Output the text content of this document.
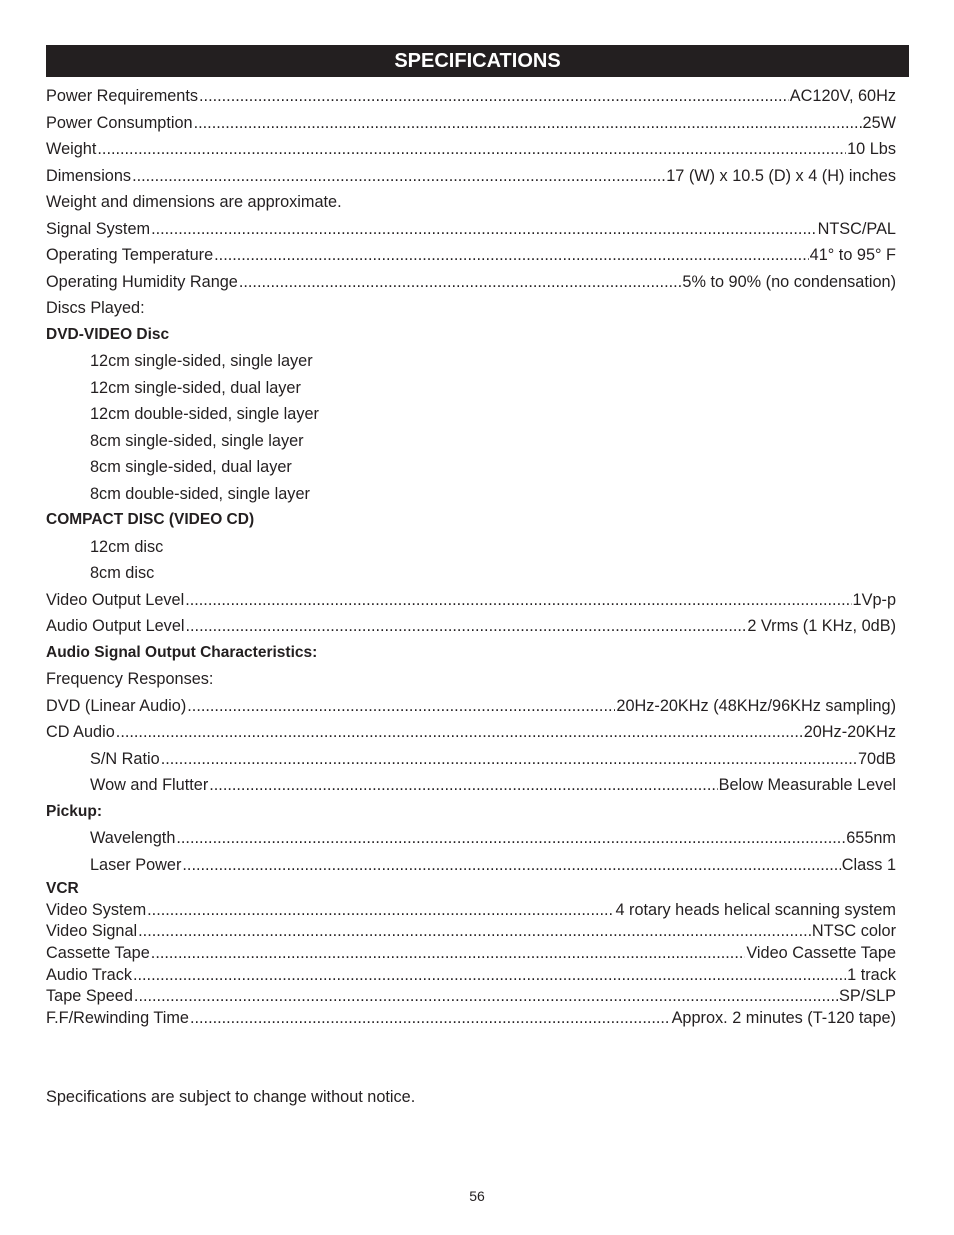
SPECIFICATIONS
Power Requirements .....	AC120V, 60Hz
Power Consumption .....	25W
Weight .....	10 Lbs
Dimensions .....	17 (W) x 10.5 (D) x 4 (H) inches
Weight and dimensions are approximate.
Signal System .....	NTSC/PAL
Operating Temperature .....	41° to 95° F
Operating Humidity Range .....	5% to 90% (no condensation)
Discs Played:
DVD-VIDEO Disc
12cm single-sided, single layer
12cm single-sided, dual layer
12cm double-sided, single layer
8cm single-sided, single layer
8cm single-sided, dual layer
8cm double-sided, single layer
COMPACT DISC (VIDEO CD)
12cm disc
8cm disc
Video Output Level .....	1Vp-p
Audio Output Level .....	2 Vrms (1 KHz, 0dB)
Audio Signal Output Characteristics:
Frequency Responses:
DVD (Linear Audio) .....	20Hz-20KHz (48KHz/96KHz sampling)
CD Audio .....	20Hz-20KHz
S/N Ratio .....	70dB
Wow and Flutter .....	Below Measurable Level
Pickup:
Wavelength .....	655nm
Laser Power .....	Class 1
VCR
Video System .....	4 rotary heads helical scanning system
Video Signal .....	NTSC color
Cassette Tape .....	Video Cassette Tape
Audio Track .....	1 track
Tape Speed .....	SP/SLP
F.F/Rewinding Time .....	Approx. 2 minutes (T-120 tape)
Specifications are subject to change without notice.
56
